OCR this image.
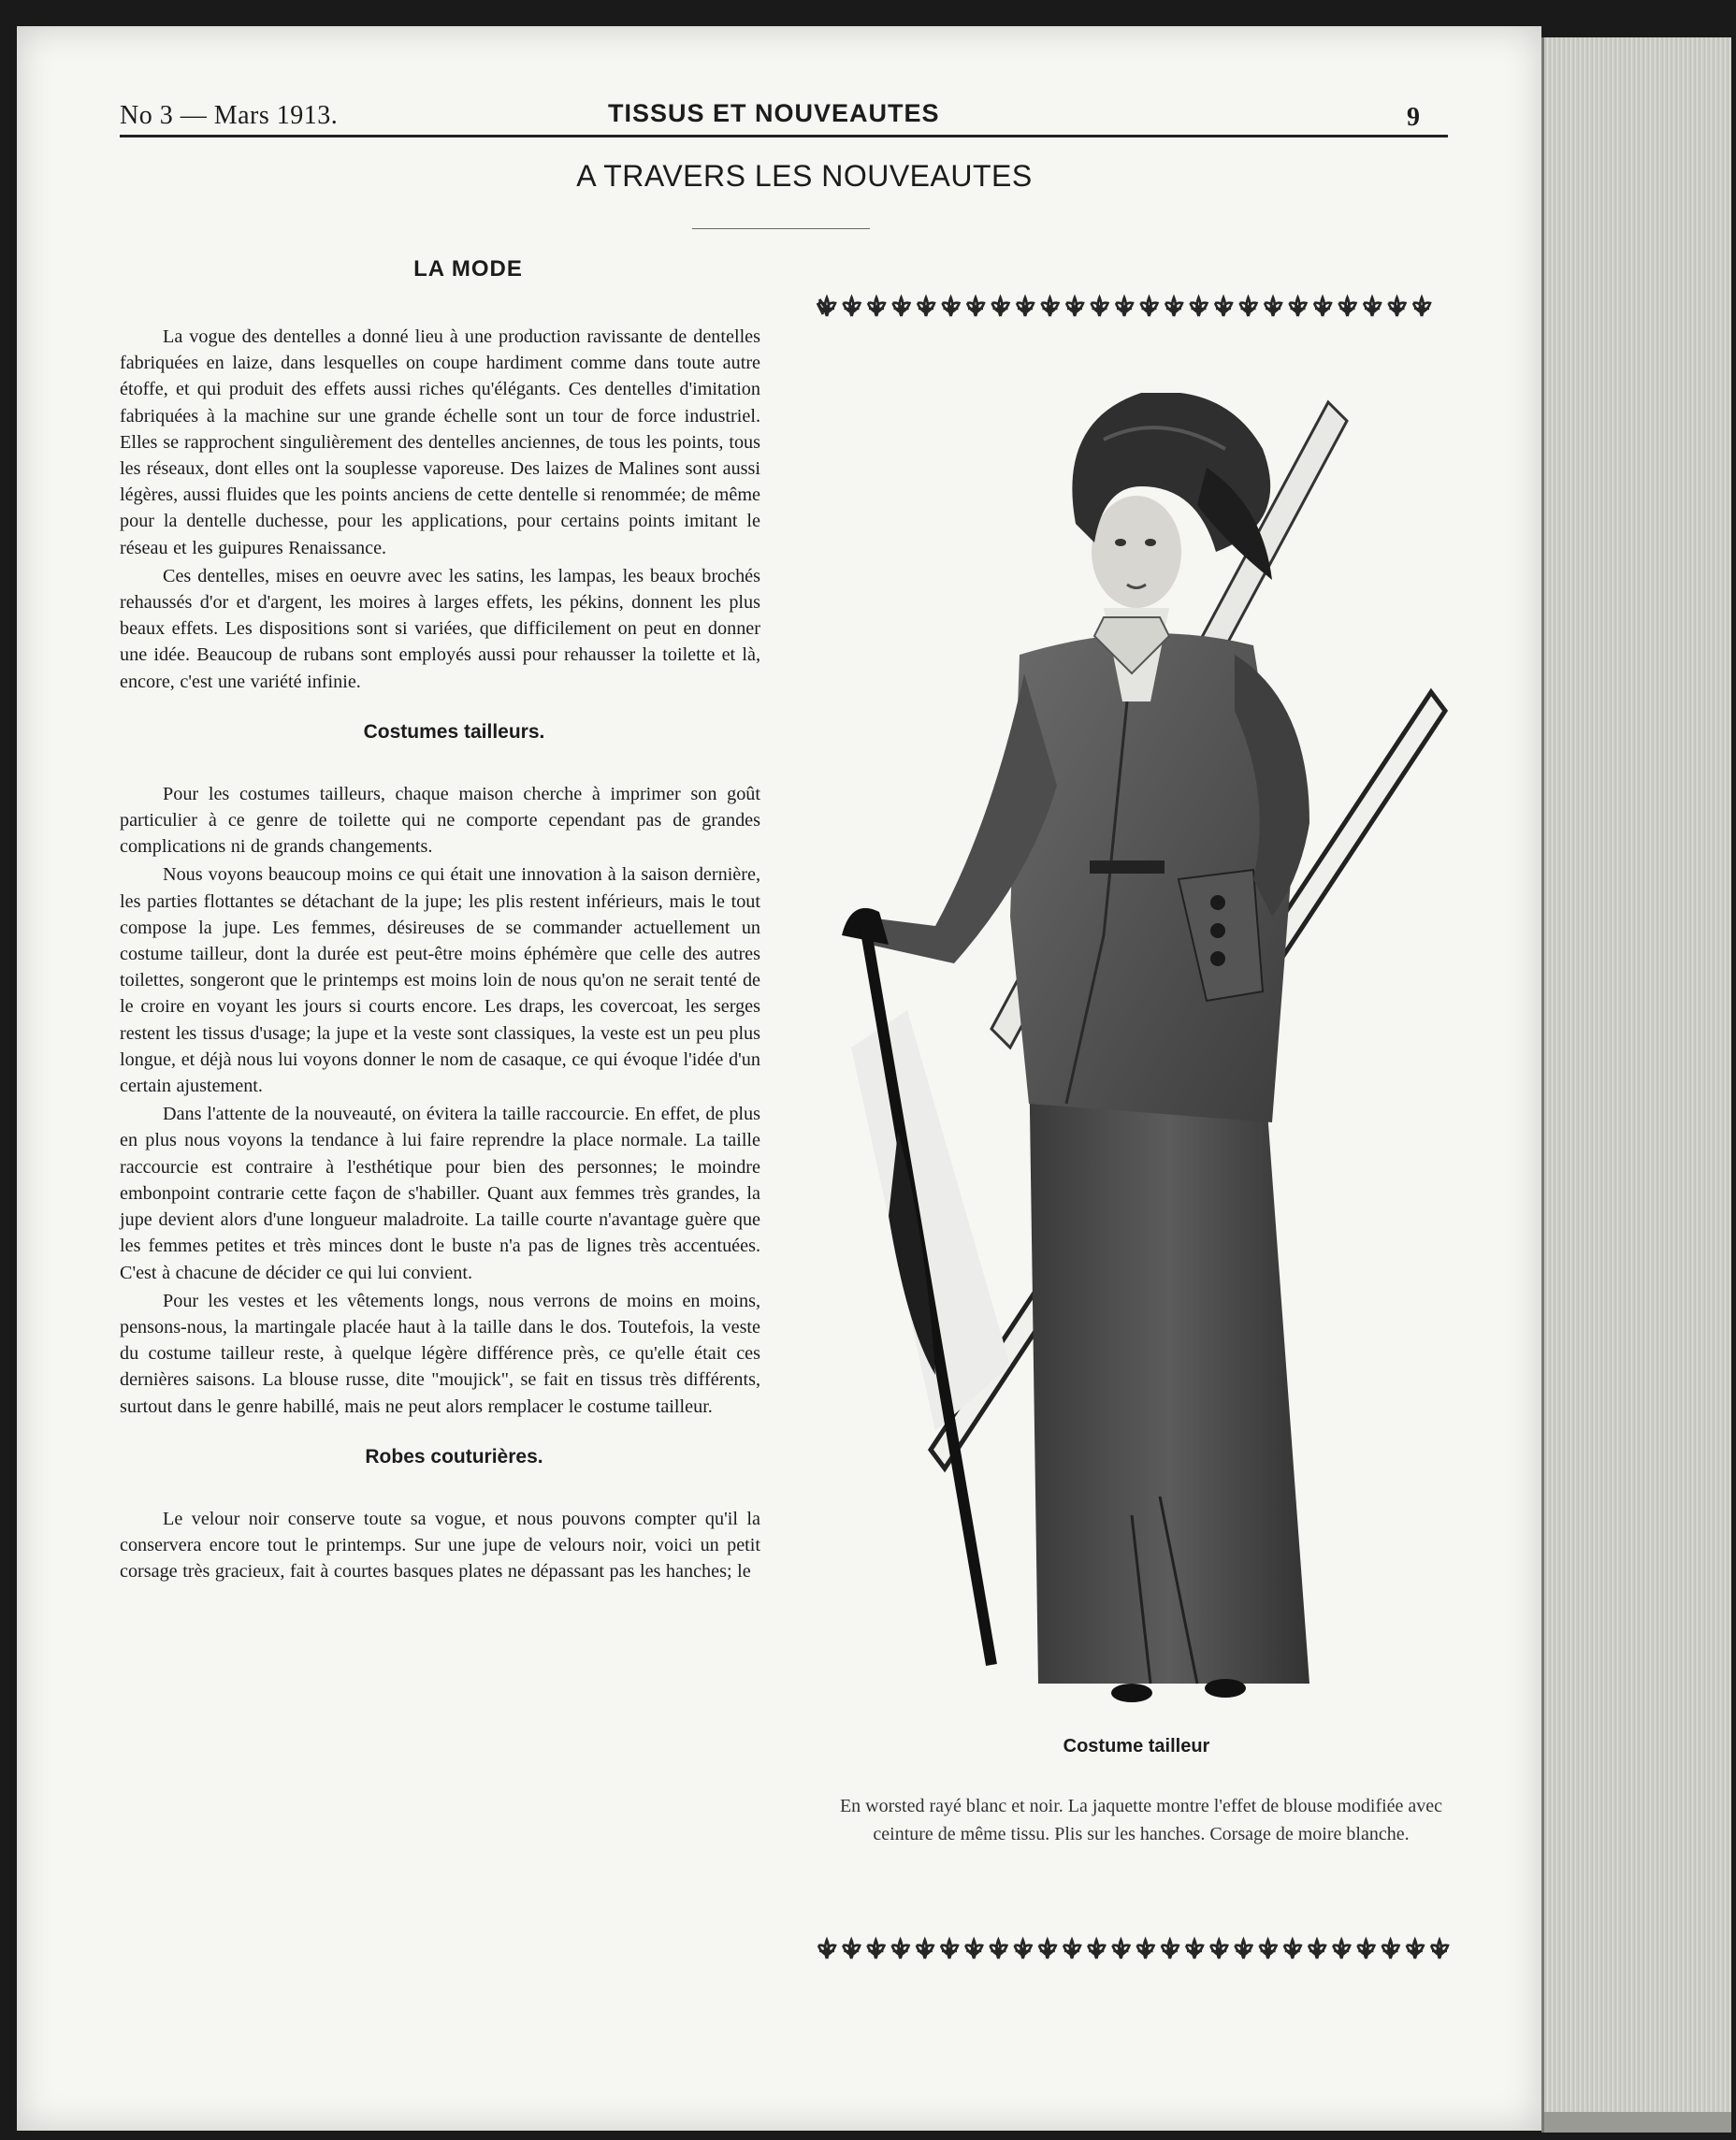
No 3 — Mars 1913.	TISSUS ET NOUVEAUTES	9
A TRAVERS LES NOUVEAUTES
LA MODE

La vogue des dentelles a donné lieu à une production ravissante de dentelles fabriquées en laize, dans lesquelles on coupe hardiment comme dans toute autre étoffe, et qui produit des effets aussi riches qu'élégants. Ces dentelles d'imitation fabriquées à la machine sur une grande échelle sont un tour de force industriel. Elles se rapprochent singulièrement des dentelles anciennes, de tous les points, tous les réseaux, dont elles ont la souplesse vaporeuse. Des laizes de Malines sont aussi légères, aussi fluides que les points anciens de cette dentelle si renommée; de même pour la dentelle duchesse, pour les applications, pour certains points imitant le réseau et les guipures Renaissance.

Ces dentelles, mises en oeuvre avec les satins, les lampas, les beaux brochés rehaussés d'or et d'argent, les moires à larges effets, les pékins, donnent les plus beaux effets. Les dispositions sont si variées, que difficilement on peut en donner une idée. Beaucoup de rubans sont employés aussi pour rehausser la toilette et là, encore, c'est une variété infinie.

Costumes tailleurs.

Pour les costumes tailleurs, chaque maison cherche à imprimer son goût particulier à ce genre de toilette qui ne comporte cependant pas de grandes complications ni de grands changements.

Nous voyons beaucoup moins ce qui était une innovation à la saison dernière, les parties flottantes se détachant de la jupe; les plis restent inférieurs, mais le tout compose la jupe. Les femmes, désireuses de se commander actuellement un costume tailleur, dont la durée est peut-être moins éphémère que celle des autres toilettes, songeront que le printemps est moins loin de nous qu'on ne serait tenté de le croire en voyant les jours si courts encore. Les draps, les covercoat, les serges restent les tissus d'usage; la jupe et la veste sont classiques, la veste est un peu plus longue, et déjà nous lui voyons donner le nom de casaque, ce qui évoque l'idée d'un certain ajustement.

Dans l'attente de la nouveauté, on évitera la taille raccourcie. En effet, de plus en plus nous voyons la tendance à lui faire reprendre la place normale. La taille raccourcie est contraire à l'esthétique pour bien des personnes; le moindre embonpoint contrarie cette façon de s'habiller. Quant aux femmes très grandes, la jupe devient alors d'une longueur maladroite. La taille courte n'avantage guère que les femmes petites et très minces dont le buste n'a pas de lignes très accentuées. C'est à chacune de décider ce qui lui convient.

Pour les vestes et les vêtements longs, nous verrons de moins en moins, pensons-nous, la martingale placée haut à la taille dans le dos. Toutefois, la veste du costume tailleur reste, à quelque légère différence près, ce qu'elle était ces dernières saisons. La blouse russe, dite "moujick", se fait en tissus très différents, surtout dans le genre habillé, mais ne peut alors remplacer le costume tailleur.

Robes couturières.

Le velour noir conserve toute sa vogue, et nous pouvons compter qu'il la conservera encore tout le printemps. Sur une jupe de velours noir, voici un petit corsage très gracieux, fait à courtes basques plates ne dépassant pas les hanches; le

Costume tailleur
En worsted rayé blanc et noir. La jaquette montre l'effet de blouse modifiée avec ceinture de même tissu. Plis sur les hanches. Corsage de moire blanche.
